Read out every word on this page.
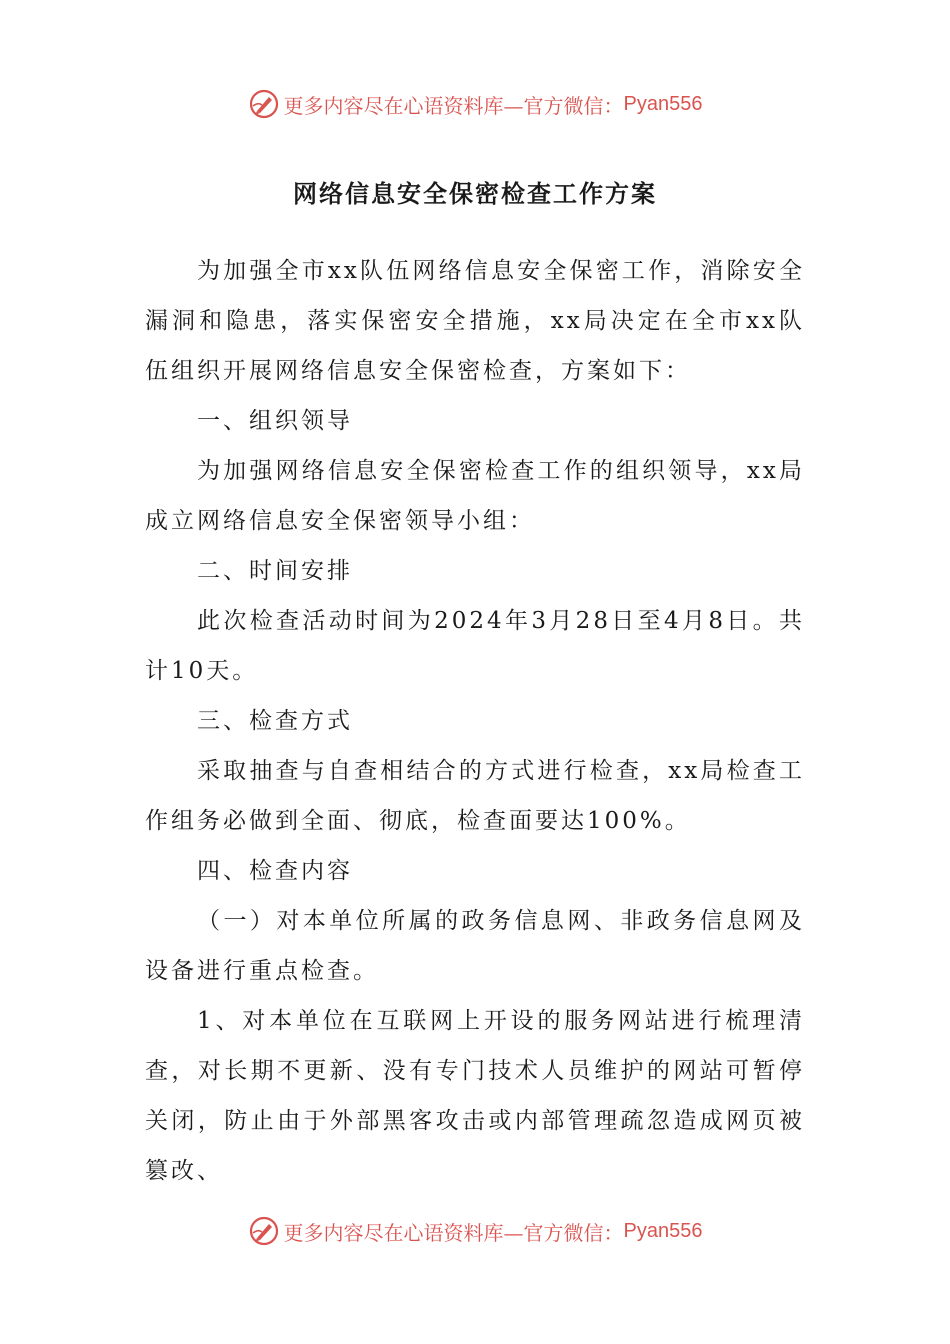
更多内容尽在心语资料库—官方微信： Pyan556
网络信息安全保密检查工作方案

为加强全市xx队伍网络信息安全保密工作，消除安全漏洞和隐患，落实保密安全措施，xx局决定在全市xx队伍组织开展网络信息安全保密检查，方案如下：

一、组织领导

为加强网络信息安全保密检查工作的组织领导，xx局成立网络信息安全保密领导小组：

二、时间安排

此次检查活动时间为2024年3月28日至4月8日。共计10天。

三、检查方式

采取抽查与自查相结合的方式进行检查，xx局检查工作组务必做到全面、彻底，检查面要达100%。

四、检查内容

（一）对本单位所属的政务信息网、非政务信息网及设备进行重点检查。

1、对本单位在互联网上开设的服务网站进行梳理清查，对长期不更新、没有专门技术人员维护的网站可暂停关闭，防止由于外部黑客攻击或内部管理疏忽造成网页被篡改、

更多内容尽在心语资料库—官方微信： Pyan556
